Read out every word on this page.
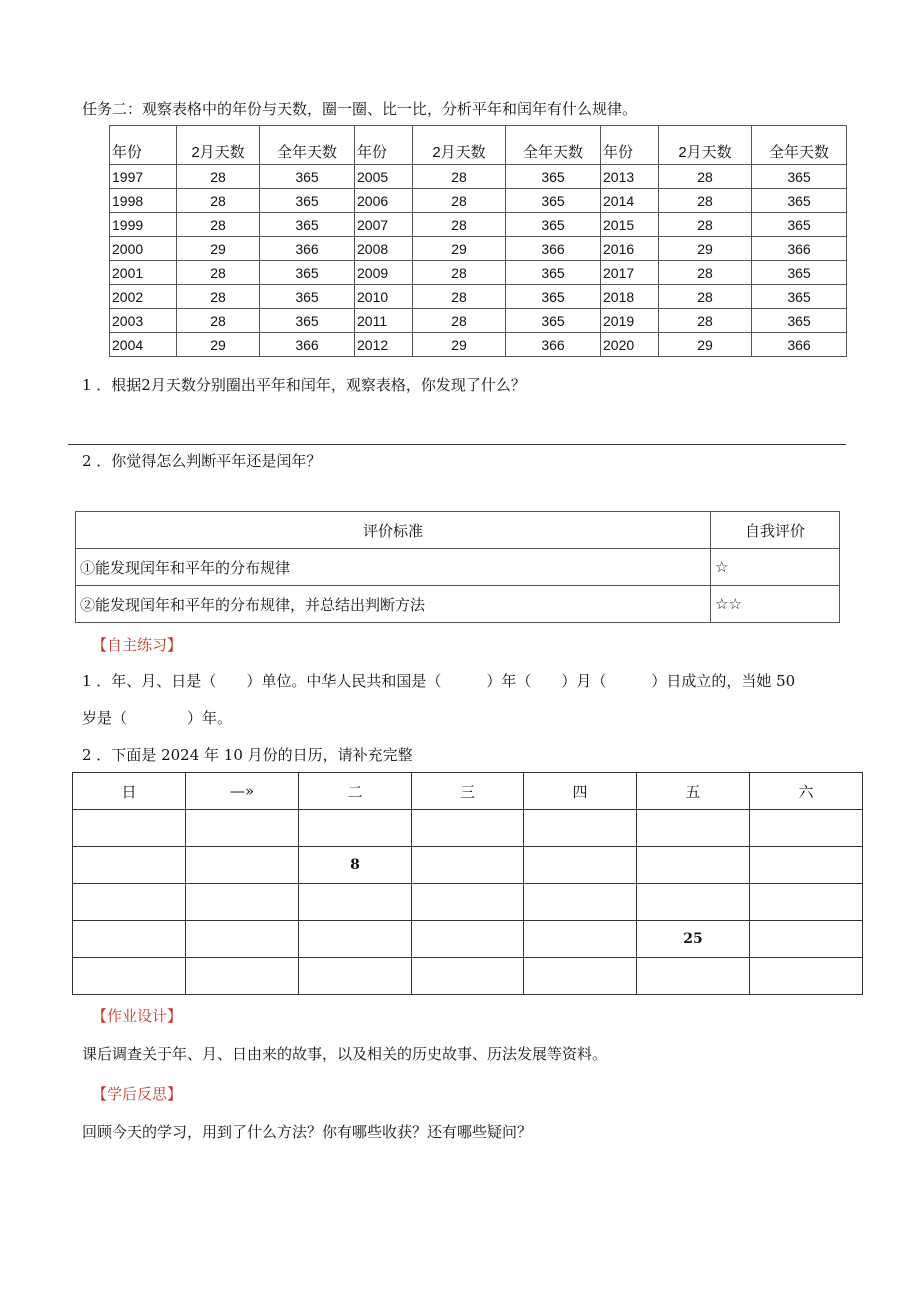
任务二：观察表格中的年份与天数，圈一圈、比一比，分析平年和闰年有什么规律。
年份	2月天数	全年天数	年份	2月天数	全年天数	年份	2月天数	全年天数
1997	28	365	2005	28	365	2013	28	365
1998	28	365	2006	28	365	2014	28	365
1999	28	365	2007	28	365	2015	28	365
2000	29	366	2008	29	366	2016	29	366
2001	28	365	2009	28	365	2017	28	365
2002	28	365	2010	28	365	2018	28	365
2003	28	365	2011	28	365	2019	28	365
2004	29	366	2012	29	366	2020	29	366
1 ．根据2月天数分别圈出平年和闰年，观察表格，你发现了什么？
2 ．你觉得怎么判断平年还是闰年？
评价标准	自我评价
①能发现闰年和平年的分布规律	☆
②能发现闰年和平年的分布规律，并总结出判断方法	☆☆
【自主练习】
1 ．年、月、日是（　　）单位。中华人民共和国是（　　　）年（　　）月（　　　）日成立的，当她 50
岁是（　　　　）年。
2 ．下面是 2024 年 10 月份的日历，请补充完整
日	—»	二	三	四	五	六

		8				

					25	

【作业设计】
课后调查关于年、月、日由来的故事，以及相关的历史故事、历法发展等资料。
【学后反思】
回顾今天的学习，用到了什么方法？你有哪些收获？还有哪些疑问？
